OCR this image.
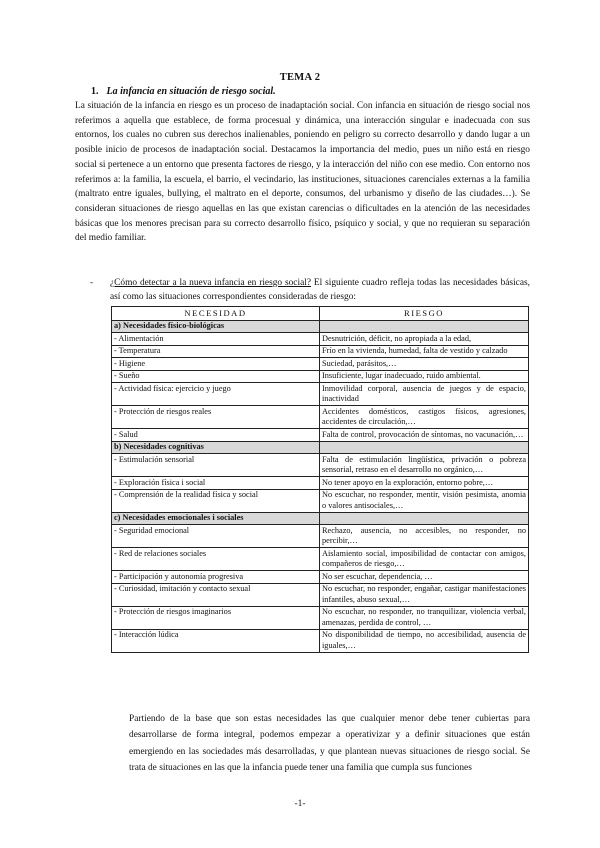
TEMA 2
1. La infancia en situación de riesgo social.
La situación de la infancia en riesgo es un proceso de inadaptación social. Con infancia en situación de riesgo social nos referimos a aquella que establece, de forma procesual y dinámica, una interacción singular e inadecuada con sus entornos, los cuales no cubren sus derechos inalienables, poniendo en peligro su correcto desarrollo y dando lugar a un posible inicio de procesos de inadaptación social. Destacamos la importancia del medio, pues un niño está en riesgo social si pertenece a un entorno que presenta factores de riesgo, y la interacción del niño con ese medio. Con entorno nos referimos a: la familia, la escuela, el barrio, el vecindario, las instituciones, situaciones carenciales externas a la familia (maltrato entre iguales, bullying, el maltrato en el deporte, consumos, del urbanismo y diseño de las ciudades…). Se consideran situaciones de riesgo aquellas en las que existan carencias o dificultades en la atención de las necesidades básicas que los menores precisan para su correcto desarrollo físico, psíquico y social, y que no requieran su separación del medio familiar.
-	¿Cómo detectar a la nueva infancia en riesgo social? El siguiente cuadro refleja todas las necesidades básicas, así como las situaciones correspondientes consideradas de riesgo:
NECESIDAD	RIESGO
a) Necesidades físico-biológicas	
- Alimentación	Desnutrición, déficit, no apropiada a la edad,
- Temperatura	Frío en la vivienda, humedad, falta de vestido y calzado
- Higiene	Suciedad, parásitos,…
- Sueño	Insuficiente, lugar inadecuado, ruido ambiental.
- Actividad física: ejercicio y juego	Inmovilidad corporal, ausencia de juegos y de espacio, inactividad
- Protección de riesgos reales	Accidentes domésticos, castigos físicos, agresiones, accidentes de circulación,…
- Salud	Falta de control, provocación de síntomas, no vacunación,…
b) Necesidades cognitivas	
- Estimulación sensorial	Falta de estimulación lingüística, privación o pobreza sensorial, retraso en el desarrollo no orgánico,…
- Exploración física i social	No tener apoyo en la exploración, entorno pobre,…
- Comprensión de la realidad física y social	No escuchar, no responder, mentir, visión pesimista, anomia o valores antisociales,…
c) Necesidades emocionales i sociales	
- Seguridad emocional	Rechazo, ausencia, no accesibles, no responder, no percibir,…
- Red de relaciones sociales	Aislamiento social, imposibilidad de contactar con amigos, compañeros de riesgo,…
- Participación y autonomía progresiva	No ser escuchar, dependencia, …
- Curiosidad, imitación y contacto sexual	No escuchar, no responder, engañar, castigar manifestaciones infantiles, abuso sexual,…
- Protección de riesgos imaginarios	No escuchar, no responder, no tranquilizar, violencia verbal, amenazas, perdida de control, …
- Interacción lúdica	No disponibilidad de tiempo, no accesibilidad, ausencia de iguales,…
Partiendo de la base que son estas necesidades las que cualquier menor debe tener cubiertas para desarrollarse de forma integral, podemos empezar a operativizar y a definir situaciones que están emergiendo en las sociedades más desarrolladas, y que plantean nuevas situaciones de riesgo social. Se trata de situaciones en las que la infancia puede tener una familia que cumpla sus funciones
-1-
